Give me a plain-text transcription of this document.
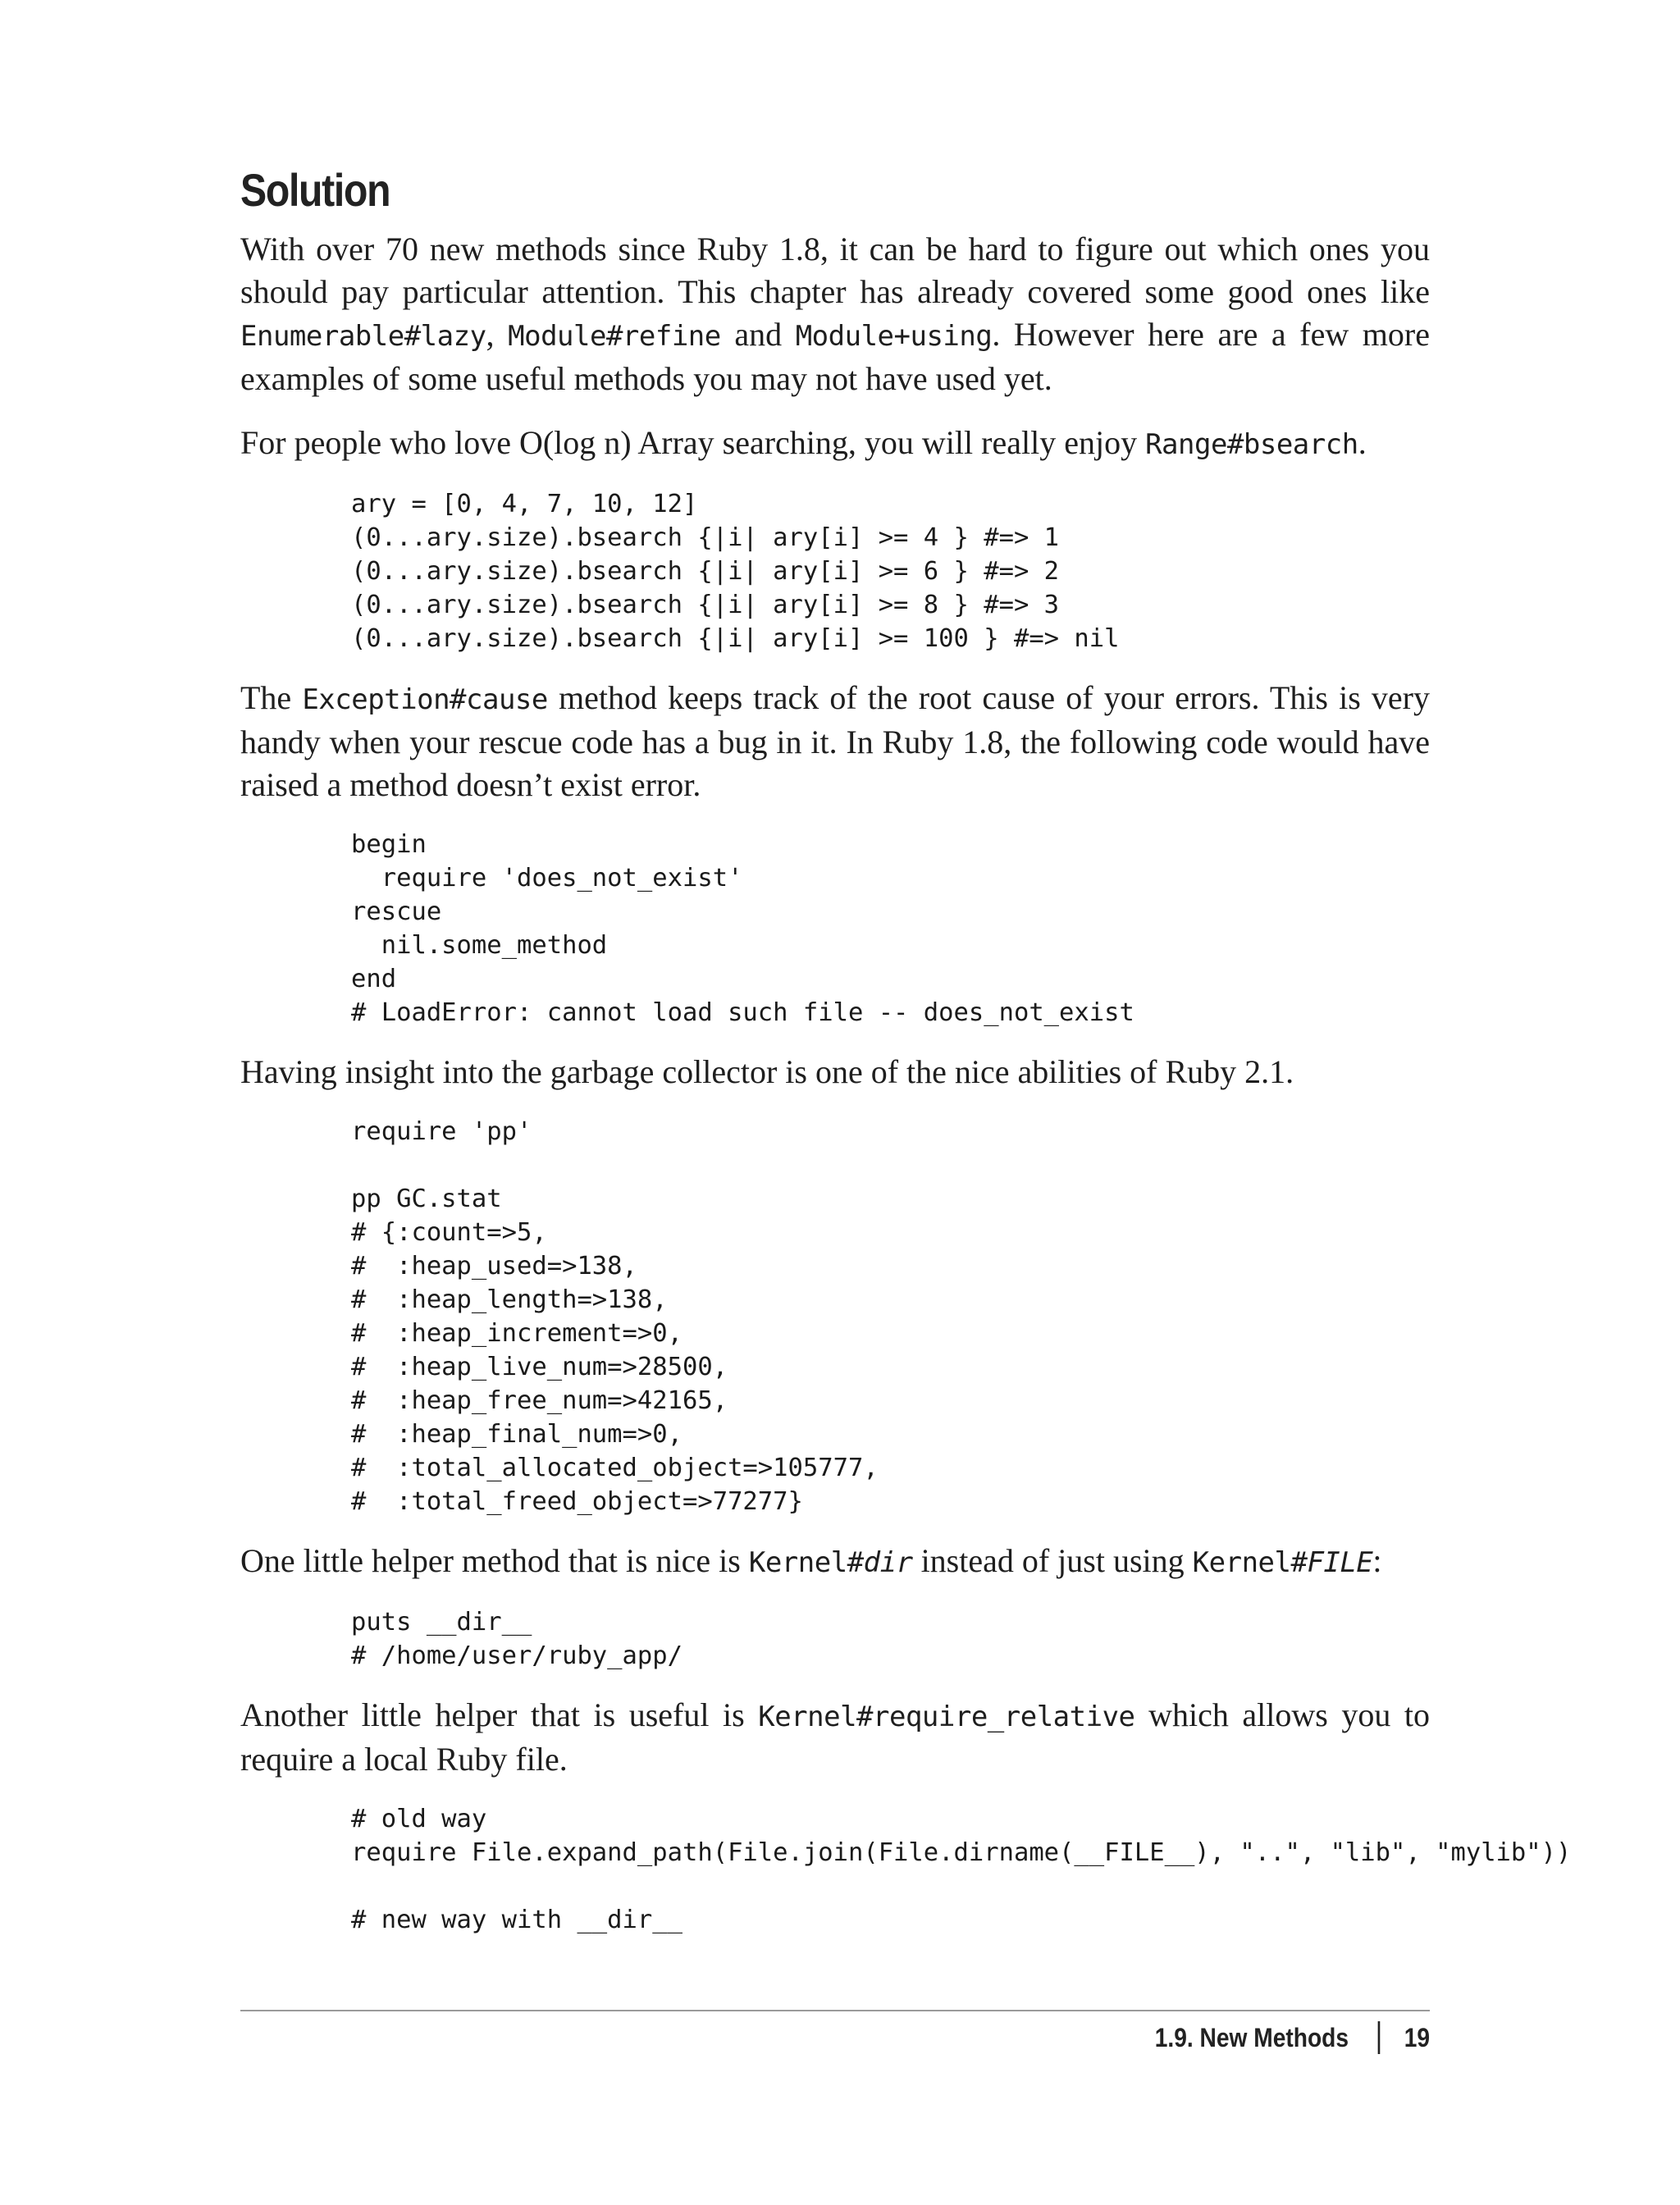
Solution

With over 70 new methods since Ruby 1.8, it can be hard to figure out which ones you should pay particular attention. This chapter has already covered some good ones like Enumerable#lazy, Module#refine and Module+using. However here are a few more examples of some useful methods you may not have used yet.

For people who love O(log n) Array searching, you will really enjoy Range#bsearch.

ary = [0, 4, 7, 10, 12]
(0...ary.size).bsearch {|i| ary[i] >= 4 } #=> 1
(0...ary.size).bsearch {|i| ary[i] >= 6 } #=> 2
(0...ary.size).bsearch {|i| ary[i] >= 8 } #=> 3
(0...ary.size).bsearch {|i| ary[i] >= 100 } #=> nil

The Exception#cause method keeps track of the root cause of your errors. This is very handy when your rescue code has a bug in it. In Ruby 1.8, the following code would have raised a method doesn’t exist error.

begin
require 'does_not_exist'
rescue
nil.some_method
end
# LoadError: cannot load such file -- does_not_exist

Having insight into the garbage collector is one of the nice abilities of Ruby 2.1.

require 'pp'

pp GC.stat
# {:count=>5,
#  :heap_used=>138,
#  :heap_length=>138,
#  :heap_increment=>0,
#  :heap_live_num=>28500,
#  :heap_free_num=>42165,
#  :heap_final_num=>0,
#  :total_allocated_object=>105777,
#  :total_freed_object=>77277}

One little helper method that is nice is Kernel#dir instead of just using Kernel#FILE:

puts __dir__
# /home/user/ruby_app/

Another little helper that is useful is Kernel#require_relative which allows you to require a local Ruby file.

# old way
require File.expand_path(File.join(File.dirname(__FILE__), "..", "lib", "mylib"))

# new way with __dir__
1.9. New Methods 19
